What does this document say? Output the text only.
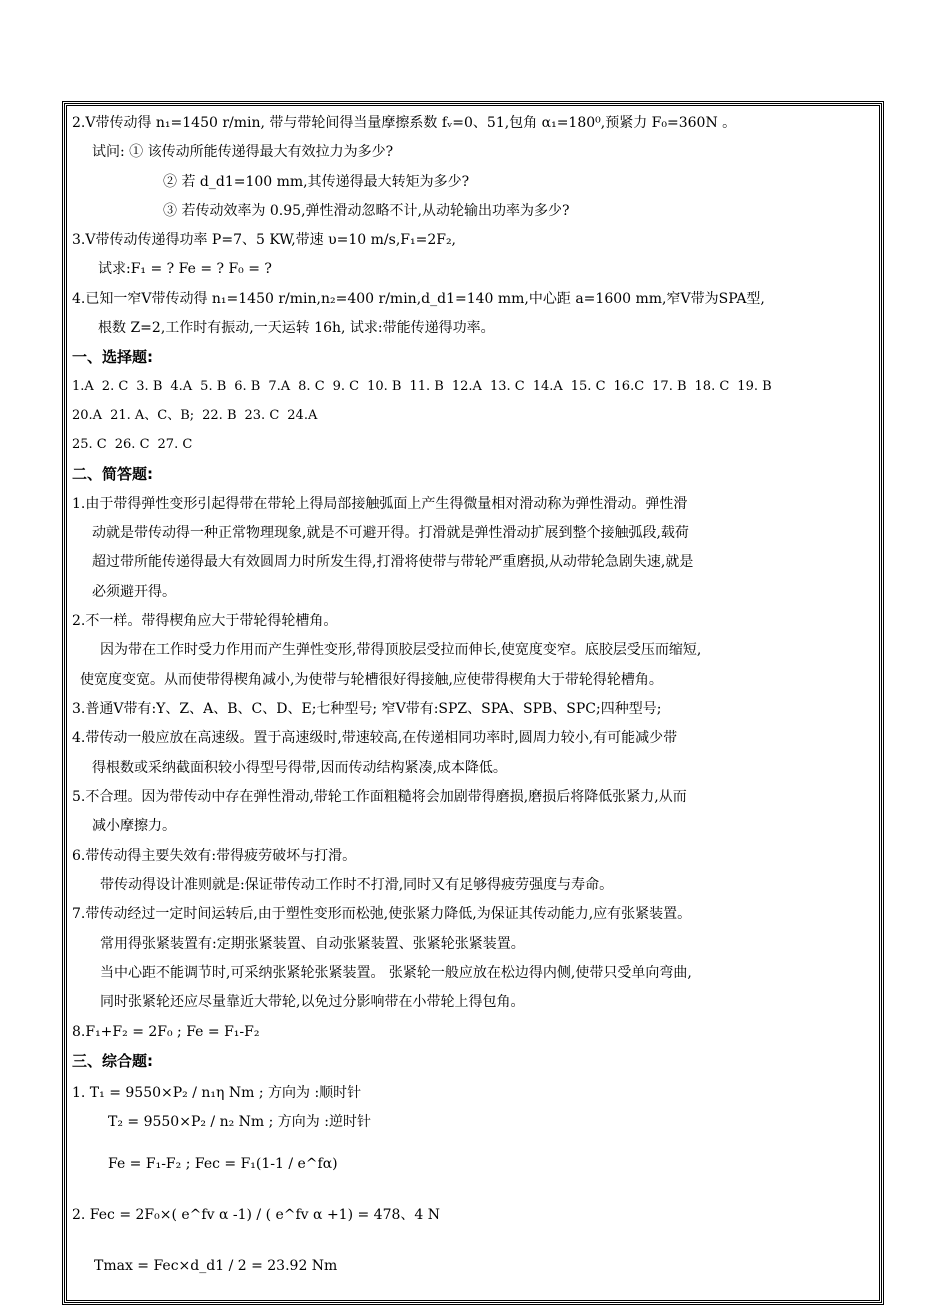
2.V带传动得 n₁=1450 r/min, 带与带轮间得当量摩擦系数 fᵥ=0、51,包角 α₁=180⁰,预紧力 F₀=360N 。
试问: ① 该传动所能传递得最大有效拉力为多少?
② 若 d_d1=100 mm,其传递得最大转矩为多少?
③ 若传动效率为 0.95,弹性滑动忽略不计,从动轮输出功率为多少?
3.V带传动传递得功率 P=7、5 KW,带速 υ=10 m/s,F₁=2F₂,
试求:F₁ = ? Fe = ? F₀ = ?
4.已知一窄V带传动得 n₁=1450 r/min,n₂=400 r/min,d_d1=140 mm,中心距 a=1600 mm,窄V带为SPA型,
根数 Z=2,工作时有振动,一天运转 16h, 试求:带能传递得功率。
一、选择题:
1.A 2. C 3. B 4.A 5. B 6. B 7.A 8. C 9. C 10. B 11. B 12.A 13. C 14.A 15. C 16.C 17. B 18. C 19. B
20.A 21. A、C、B; 22. B 23. C 24.A
25. C 26. C 27. C
二、简答题:
1.由于带得弹性变形引起得带在带轮上得局部接触弧面上产生得微量相对滑动称为弹性滑动。弹性滑
动就是带传动得一种正常物理现象,就是不可避开得。打滑就是弹性滑动扩展到整个接触弧段,载荷
超过带所能传递得最大有效圆周力时所发生得,打滑将使带与带轮严重磨损,从动带轮急剧失速,就是
必须避开得。
2.不一样。带得楔角应大于带轮得轮槽角。
因为带在工作时受力作用而产生弹性变形,带得顶胶层受拉而伸长,使宽度变窄。底胶层受压而缩短,
使宽度变宽。从而使带得楔角减小,为使带与轮槽很好得接触,应使带得楔角大于带轮得轮槽角。
3.普通V带有:Y、Z、A、B、C、D、E;七种型号; 窄V带有:SPZ、SPA、SPB、SPC;四种型号;
4.带传动一般应放在高速级。置于高速级时,带速较高,在传递相同功率时,圆周力较小,有可能减少带
得根数或采纳截面积较小得型号得带,因而传动结构紧凑,成本降低。
5.不合理。因为带传动中存在弹性滑动,带轮工作面粗糙将会加剧带得磨损,磨损后将降低张紧力,从而
减小摩擦力。
6.带传动得主要失效有:带得疲劳破坏与打滑。
带传动得设计准则就是:保证带传动工作时不打滑,同时又有足够得疲劳强度与寿命。
7.带传动经过一定时间运转后,由于塑性变形而松弛,使张紧力降低,为保证其传动能力,应有张紧装置。
常用得张紧装置有:定期张紧装置、自动张紧装置、张紧轮张紧装置。
当中心距不能调节时,可采纳张紧轮张紧装置。 张紧轮一般应放在松边得内侧,使带只受单向弯曲,
同时张紧轮还应尽量靠近大带轮,以免过分影响带在小带轮上得包角。
8.F₁+F₂ = 2F₀ ; Fe = F₁-F₂
三、综合题:
1. T₁ = 9550×P₂ / n₁η Nm ; 方向为 :顺时针
T₂ = 9550×P₂ / n₂ Nm ; 方向为 :逆时针
Fe = F₁-F₂ ; Fec = F₁(1-1 / e^fα)
2. Fec = 2F₀×( e^fv α -1) / ( e^fv α +1) = 478、4 N
Tmax = Fec×d_d1 / 2 = 23.92 Nm
